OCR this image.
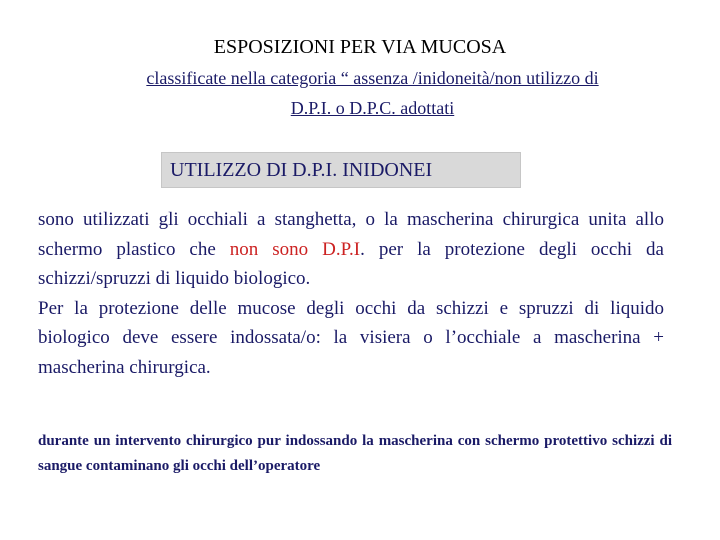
ESPOSIZIONI PER VIA MUCOSA
classificate nella categoria “ assenza /inidoneità/non utilizzo di
D.P.I. o D.P.C. adottati
UTILIZZO DI D.P.I. INIDONEI

sono utilizzati gli occhiali a stanghetta, o la mascherina chirurgica unita allo schermo plastico che non sono D.P.I. per la protezione degli occhi da schizzi/spruzzi di liquido biologico.

Per la protezione delle mucose degli occhi da schizzi e spruzzi di liquido biologico deve essere indossata/o: la visiera o l’occhiale a mascherina + mascherina chirurgica.

durante un intervento chirurgico pur indossando la mascherina con schermo protettivo schizzi di sangue contaminano gli occhi dell’operatore
